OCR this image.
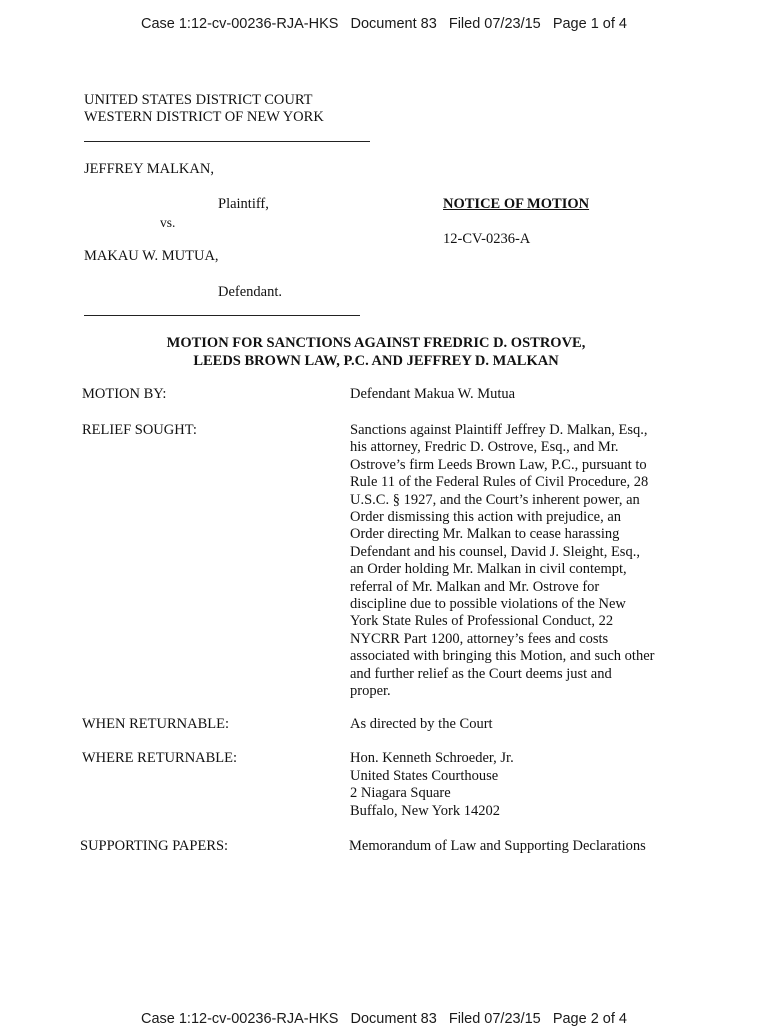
Case 1:12-cv-00236-RJA-HKS   Document 83   Filed 07/23/15   Page 1 of 4
UNITED STATES DISTRICT COURT
WESTERN DISTRICT OF NEW YORK
JEFFREY MALKAN,
Plaintiff,
vs.
MAKAU W. MUTUA,
Defendant.
NOTICE OF MOTION
12-CV-0236-A
MOTION FOR SANCTIONS AGAINST FREDRIC D. OSTROVE,
LEEDS BROWN LAW, P.C. AND JEFFREY D. MALKAN
MOTION BY:	Defendant Makua W. Mutua
RELIEF SOUGHT:	Sanctions against Plaintiff Jeffrey D. Malkan, Esq.,
his attorney, Fredric D. Ostrove, Esq., and Mr.
Ostrove’s firm Leeds Brown Law, P.C., pursuant to
Rule 11 of the Federal Rules of Civil Procedure, 28
U.S.C. § 1927, and the Court’s inherent power, an
Order dismissing this action with prejudice, an
Order directing Mr. Malkan to cease harassing
Defendant and his counsel, David J. Sleight, Esq.,
an Order holding Mr. Malkan in civil contempt,
referral of Mr. Malkan and Mr. Ostrove for
discipline due to possible violations of the New
York State Rules of Professional Conduct, 22
NYCRR Part 1200, attorney’s fees and costs
associated with bringing this Motion, and such other
and further relief as the Court deems just and
proper.
WHEN RETURNABLE:	As directed by the Court
WHERE RETURNABLE:	Hon. Kenneth Schroeder, Jr.
United States Courthouse
2 Niagara Square
Buffalo, New York 14202
SUPPORTING PAPERS:	Memorandum of Law and Supporting Declarations
Case 1:12-cv-00236-RJA-HKS   Document 83   Filed 07/23/15   Page 2 of 4
